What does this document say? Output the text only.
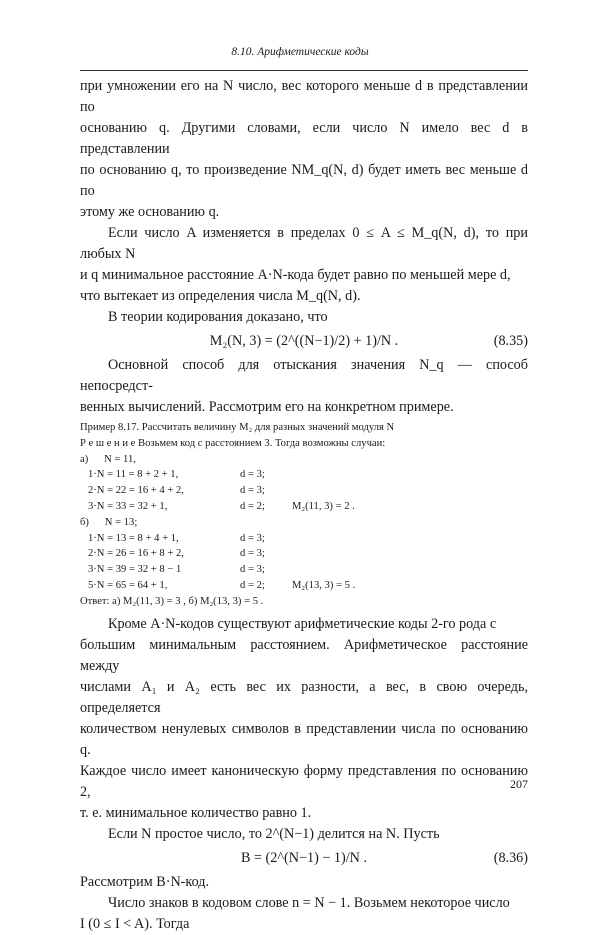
8.10. Арифметические коды

при умножении его на N число, вес которого меньше d в представлении по
основанию q. Другими словами, если число N имело вес d в представлении
по основанию q, то произведение NM_q(N, d) будет иметь вес меньше d по
этому же основанию q.

Если число A изменяется в пределах 0 ≤ A ≤ M_q(N, d), то при любых N
и q минимальное расстояние A·N-кода будет равно по меньшей мере d,
что вытекает из определения числа M_q(N, d).

В теории кодирования доказано, что

M₂(N, 3) = (2^((N−1)/2) + 1)/N .	(8.35)

Основной способ для отыскания значения N_q — способ непосредст-
венных вычислений. Рассмотрим его на конкретном примере.

Пример 8.17. Рассчитать величину M₂ для разных значений модуля N
Р е ш е н и е Возьмем код с расстоянием 3. Тогда возможны случаи:
а)      N = 11,
1·N = 11 = 8 + 2 + 1,	d = 3;
2·N = 22 = 16 + 4 + 2,	d = 3;
3·N = 33 = 32 + 1,	d = 2;	M₂(11, 3) = 2 .
б)      N = 13;
1·N = 13 = 8 + 4 + 1,	d = 3;
2·N = 26 = 16 + 8 + 2,	d = 3;
3·N = 39 = 32 + 8 − 1	d = 3;
5·N = 65 = 64 + 1,	d = 2;	M₂(13, 3) = 5 .
Ответ: а) M₂(11, 3) = 3 , б) M₂(13, 3) = 5 .

Кроме A·N-кодов существуют арифметические коды 2-го рода с
большим минимальным расстоянием. Арифметическое расстояние между
числами A₁ и A₂ есть вес их разности, а вес, в свою очередь, определяется
количеством ненулевых символов в представлении числа по основанию q.
Каждое число имеет каноническую форму представления по основанию 2,
т. е. минимальное количество равно 1.

Если N простое число, то 2^(N−1) делится на N. Пусть

B = (2^(N−1) − 1)/N .	(8.36)

Рассмотрим B·N-код.

Число знаков в кодовом слове n = N − 1. Возьмем некоторое число
I (0 ≤ I < A). Тогда

207
